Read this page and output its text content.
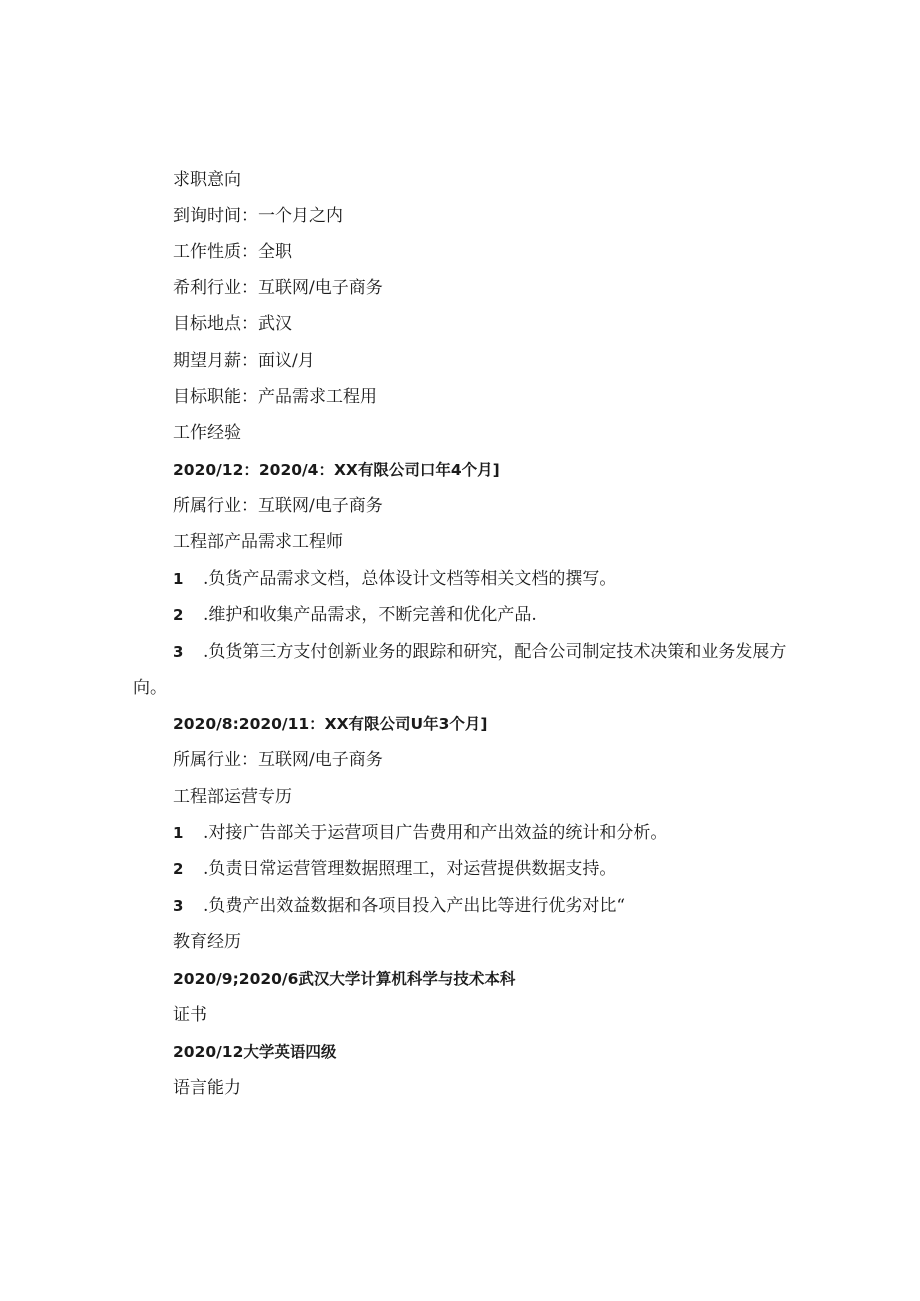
求职意向
到询时间：一个月之内
工作性质：全职
希利行业：互联网/电子商务
目标地点：武汉
期望月薪：面议/月
目标职能：产品需求工程用
工作经验
2020/12：2020/4：XX有限公司口年4个月]
所属行业：互联网/电子商务
工程部产品需求工程师
1 .负货产品需求文档，总体设计文档等相关文档的撰写。
2 .维护和收集产品需求，不断完善和优化产品.
3 .负货第三方支付创新业务的跟踪和研究，配合公司制定技术决策和业务发展方
向。
2020/8:2020/11：XX有限公司U年3个月]
所属行业：互联网/电子商务
工程部运营专历
1 .对接广告部关于运营项目广告费用和产出效益的统计和分析。
2 .负责日常运营管理数据照理工，对运营提供数据支持。
3 .负费产出效益数据和各项目投入产出比等进行优劣对比“
教育经历
2020/9;2020/6武汉大学计算机科学与技术本科
证书
2020/12大学英语四级
语言能力
